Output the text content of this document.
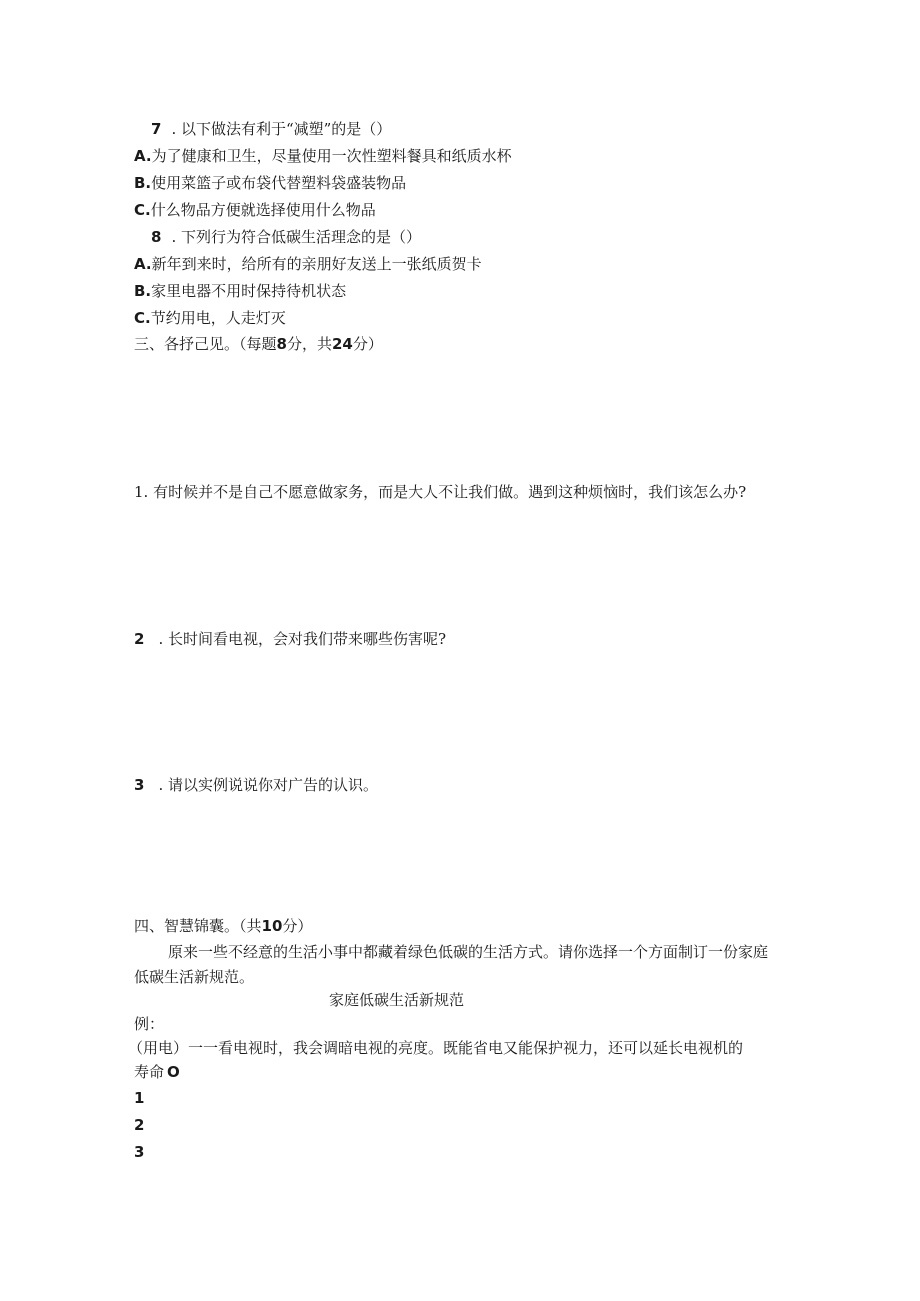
7 . 以下做法有利于“减塑”的是（）
A.为了健康和卫生，尽量使用一次性塑料餐具和纸质水杯
B.使用菜篮子或布袋代替塑料袋盛装物品
C.什么物品方便就选择使用什么物品
8 . 下列行为符合低碳生活理念的是（）
A.新年到来时，给所有的亲朋好友送上一张纸质贺卡
B.家里电器不用时保持待机状态
C.节约用电，人走灯灭
三、各抒己见。（每题8分，共24分）
1. 有时候并不是自己不愿意做家务，而是大人不让我们做。遇到这种烦恼时，我们该怎么办?
2 . 长时间看电视，会对我们带来哪些伤害呢?
3 . 请以实例说说你对广告的认识。
四、智慧锦囊。（共10分）
原来一些不经意的生活小事中都藏着绿色低碳的生活方式。请你选择一个方面制订一份家庭
低碳生活新规范。
家庭低碳生活新规范
例：
（用电）一一看电视时，我会调暗电视的亮度。既能省电又能保护视力，还可以延长电视机的
寿命 O
1
2
3
